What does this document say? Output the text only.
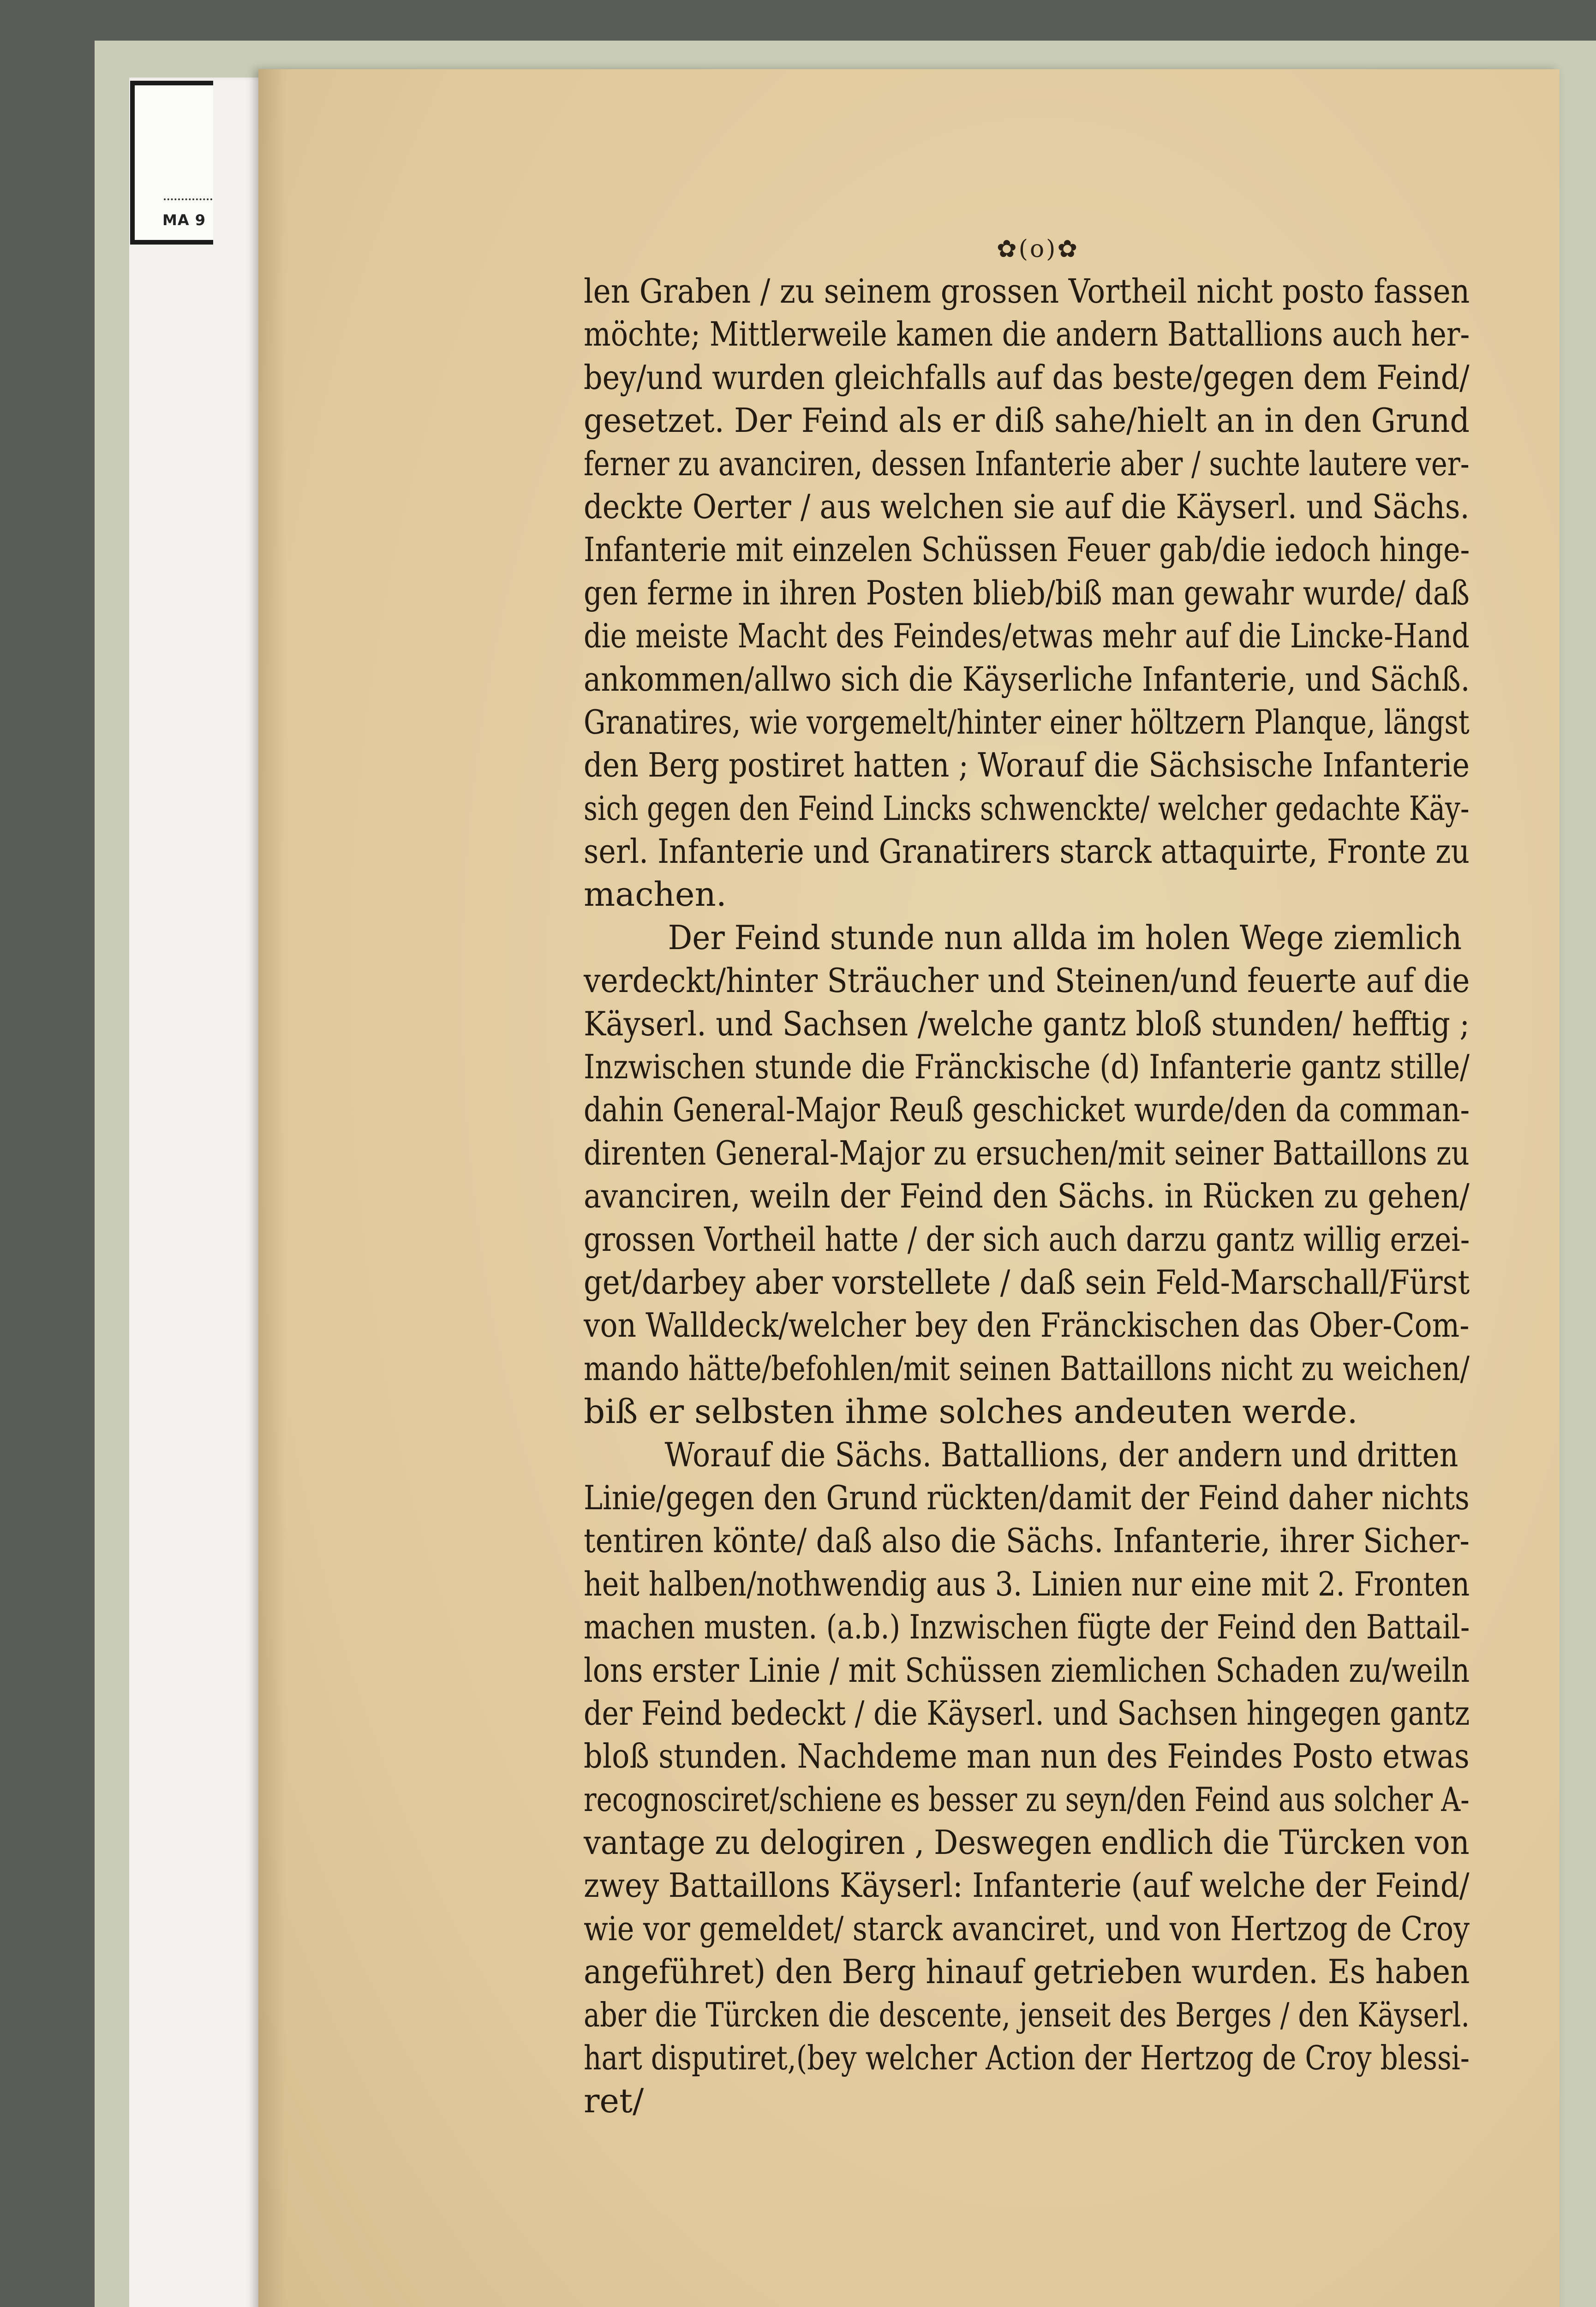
MA 9
✿(o)✿
len Graben / zu seinem grossen Vortheil nicht posto fassen
möchte; Mittlerweile kamen die andern Battallions auch her-
bey/und wurden gleichfalls auf das beste/gegen dem Feind/
gesetzet. Der Feind als er diß sahe/hielt an in den Grund
ferner zu avanciren, dessen Infanterie aber / suchte lautere ver-
deckte Oerter / aus welchen sie auf die Käyserl. und Sächs.
Infanterie mit einzelen Schüssen Feuer gab/die iedoch hinge-
gen ferme in ihren Posten blieb/biß man gewahr wurde/ daß
die meiste Macht des Feindes/etwas mehr auf die Lincke-Hand
ankommen/allwo sich die Käyserliche Infanterie, und Sächß.
Granatires, wie vorgemelt/hinter einer höltzern Planque, längst
den Berg postiret hatten ; Worauf die Sächsische Infanterie
sich gegen den Feind Lincks schwenckte/ welcher gedachte Käy-
serl. Infanterie und Granatirers starck attaquirte, Fronte zu
machen.
Der Feind stunde nun allda im holen Wege ziemlich
verdeckt/hinter Sträucher und Steinen/und feuerte auf die
Käyserl. und Sachsen /welche gantz bloß stunden/ hefftig ;
Inzwischen stunde die Fränckische (d) Infanterie gantz stille/
dahin General-Major Reuß geschicket wurde/den da comman-
direnten General-Major zu ersuchen/mit seiner Battaillons zu
avanciren, weiln der Feind den Sächs. in Rücken zu gehen/
grossen Vortheil hatte / der sich auch darzu gantz willig erzei-
get/darbey aber vorstellete / daß sein Feld-Marschall/Fürst
von Walldeck/welcher bey den Fränckischen das Ober-Com-
mando hätte/befohlen/mit seinen Battaillons nicht zu weichen/
biß er selbsten ihme solches andeuten werde.
Worauf die Sächs. Battallions, der andern und dritten
Linie/gegen den Grund rückten/damit der Feind daher nichts
tentiren könte/ daß also die Sächs. Infanterie, ihrer Sicher-
heit halben/nothwendig aus 3. Linien nur eine mit 2. Fronten
machen musten. (a.b.) Inzwischen fügte der Feind den Battail-
lons erster Linie / mit Schüssen ziemlichen Schaden zu/weiln
der Feind bedeckt / die Käyserl. und Sachsen hingegen gantz
bloß stunden. Nachdeme man nun des Feindes Posto etwas
recognosciret/schiene es besser zu seyn/den Feind aus solcher A-
vantage zu delogiren , Deswegen endlich die Türcken von
zwey Battaillons Käyserl: Infanterie (auf welche der Feind/
wie vor gemeldet/ starck avanciret, und von Hertzog de Croy
angeführet) den Berg hinauf getrieben wurden. Es haben
aber die Türcken die descente, jenseit des Berges / den Käyserl.
hart disputiret,(bey welcher Action der Hertzog de Croy blessi-
ret/
